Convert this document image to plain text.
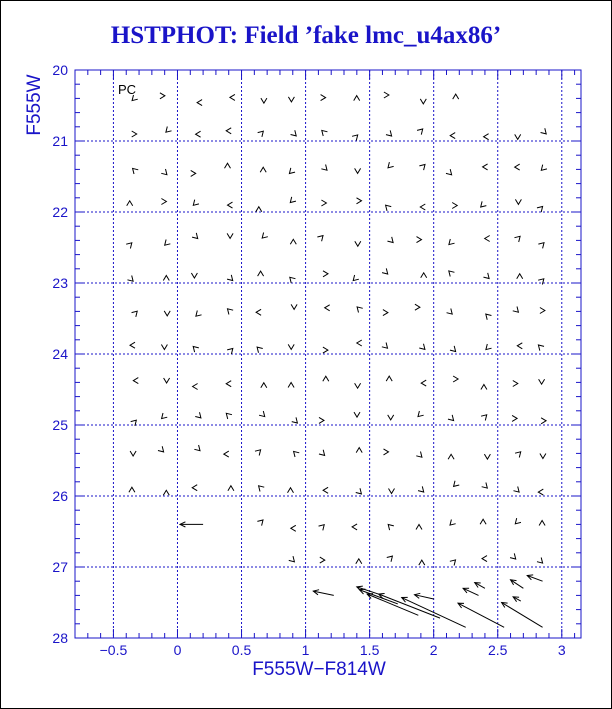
HSTPHOT: Field ’fake lmc_u4ax86’
−0.5	0	0.5	1	1.5	2	2.5	3
20
21
22
23
24
25
26
27
28
PC
F555W−F814W
F555W
